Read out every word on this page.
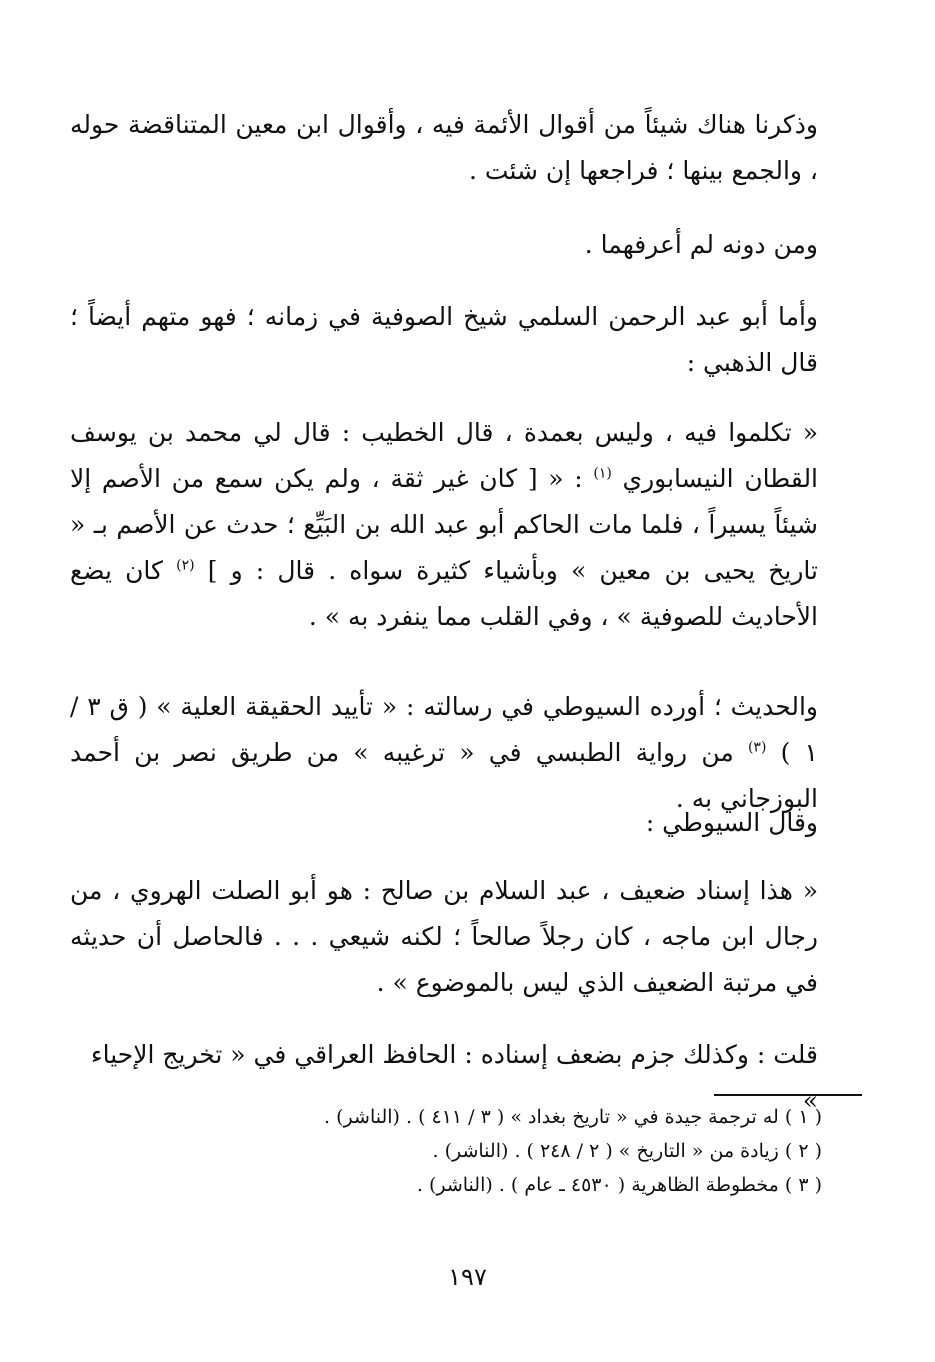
وذكرنا هناك شيئاً من أقوال الأئمة فيه ، وأقوال ابن معين المتناقضة حوله ، والجمع بينها ؛ فراجعها إن شئت .

ومن دونه لم أعرفهما .

وأما أبو عبد الرحمن السلمي شيخ الصوفية في زمانه ؛ فهو متهم أيضاً ؛ قال الذهبي :

« تكلموا فيه ، وليس بعمدة ، قال الخطيب : قال لي محمد بن يوسف القطان النيسابوري $^{(١)}$ : « [ كان غير ثقة ، ولم يكن سمع من الأصم إلا شيئاً يسيراً ، فلما مات الحاكم أبو عبد الله بن البَيِّع ؛ حدث عن الأصم بـ « تاريخ يحيى بن معين » وبأشياء كثيرة سواه . قال : و ] $^{(٢)}$ كان يضع الأحاديث للصوفية » ، وفي القلب مما ينفرد به » .

والحديث ؛ أورده السيوطي في رسالته : « تأييد الحقيقة العلية » ( ق ٣ / ١ ) $^{(٣)}$ من رواية الطبسي في « ترغيبه » من طريق نصر بن أحمد البوزجاني به .

وقال السيوطي :

« هذا إسناد ضعيف ، عبد السلام بن صالح : هو أبو الصلت الهروي ، من رجال ابن ماجه ، كان رجلاً صالحاً ؛ لكنه شيعي . . . فالحاصل أن حديثه في مرتبة الضعيف الذي ليس بالموضوع » .

قلت : وكذلك جزم بضعف إسناده : الحافظ العراقي في « تخريج الإحياء »

( ١ ) له ترجمة جيدة في « تاريخ بغداد » ( ٣ / ٤١١ ) . (الناشر) .

( ٢ ) زيادة من « التاريخ » ( ٢ / ٢٤٨ ) . (الناشر) .

( ٣ ) مخطوطة الظاهرية ( ٤٥٣٠ ـ عام ) . (الناشر) .

١٩٧
